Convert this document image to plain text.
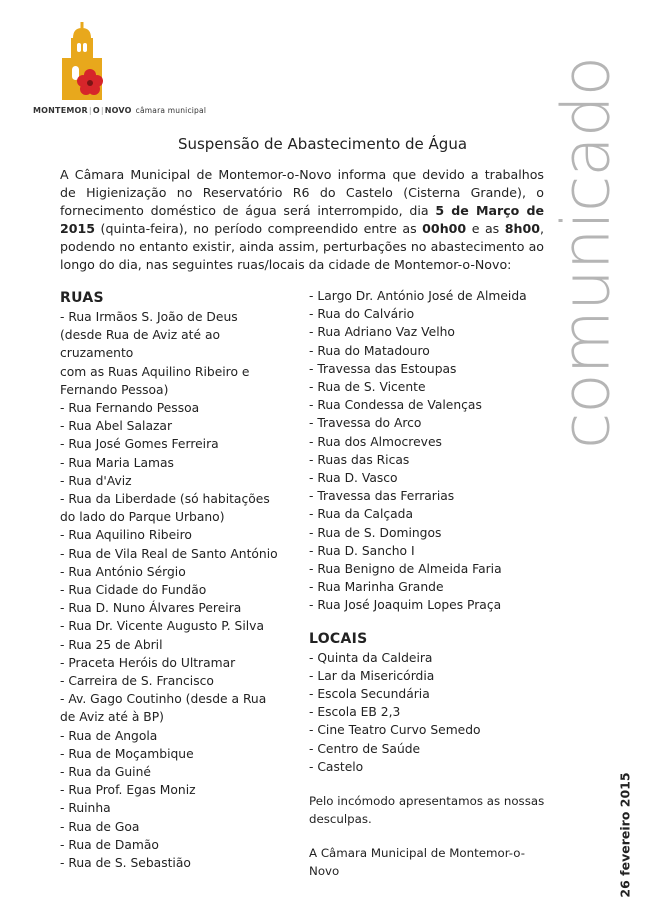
MONTEMOR|O|NOVO câmara municipal	comunicado
Suspensão de Abastecimento de Água
A Câmara Municipal de Montemor-o-Novo informa que devido a trabalhos de Higienização no Reservatório R6 do Castelo (Cisterna Grande), o fornecimento doméstico de água será interrompido, dia 5 de Março de 2015 (quinta-feira), no período compreendido entre as 00h00 e as 8h00, podendo no entanto existir, ainda assim, perturbações no abastecimento ao longo do dia, nas seguintes ruas/locais da cidade de Montemor-o-Novo:
RUAS
- Rua Irmãos S. João de Deus
(desde Rua de Aviz até ao cruzamento
com as Ruas Aquilino Ribeiro e
Fernando Pessoa)
- Rua Fernando Pessoa
- Rua Abel Salazar
- Rua José Gomes Ferreira
- Rua Maria Lamas
- Rua d'Aviz
- Rua da Liberdade (só habitações
do lado do Parque Urbano)
- Rua Aquilino Ribeiro
- Rua de Vila Real de Santo António
- Rua António Sérgio
- Rua Cidade do Fundão
- Rua D. Nuno Álvares Pereira
- Rua Dr. Vicente Augusto P. Silva
- Rua 25 de Abril
- Praceta Heróis do Ultramar
- Carreira de S. Francisco
- Av. Gago Coutinho (desde a Rua
de Aviz até à BP)
- Rua de Angola
- Rua de Moçambique
- Rua da Guiné
- Rua Prof. Egas Moniz
- Ruinha
- Rua de Goa
- Rua de Damão
- Rua de S. Sebastião
- Largo Dr. António José de Almeida
- Rua do Calvário
- Rua Adriano Vaz Velho
- Rua do Matadouro
- Travessa das Estoupas
- Rua de S. Vicente
- Rua Condessa de Valenças
- Travessa do Arco
- Rua dos Almocreves
- Ruas das Ricas
- Rua D. Vasco
- Travessa das Ferrarias
- Rua da Calçada
- Rua de S. Domingos
- Rua D. Sancho I
- Rua Benigno de Almeida Faria
- Rua Marinha Grande
- Rua José Joaquim Lopes Praça
LOCAIS
- Quinta da Caldeira
- Lar da Misericórdia
- Escola Secundária
- Escola EB 2,3
- Cine Teatro Curvo Semedo
- Centro de Saúde
- Castelo
Pelo incómodo apresentamos as nossas desculpas.
A Câmara Municipal de Montemor-o-Novo	26 fevereiro 2015
